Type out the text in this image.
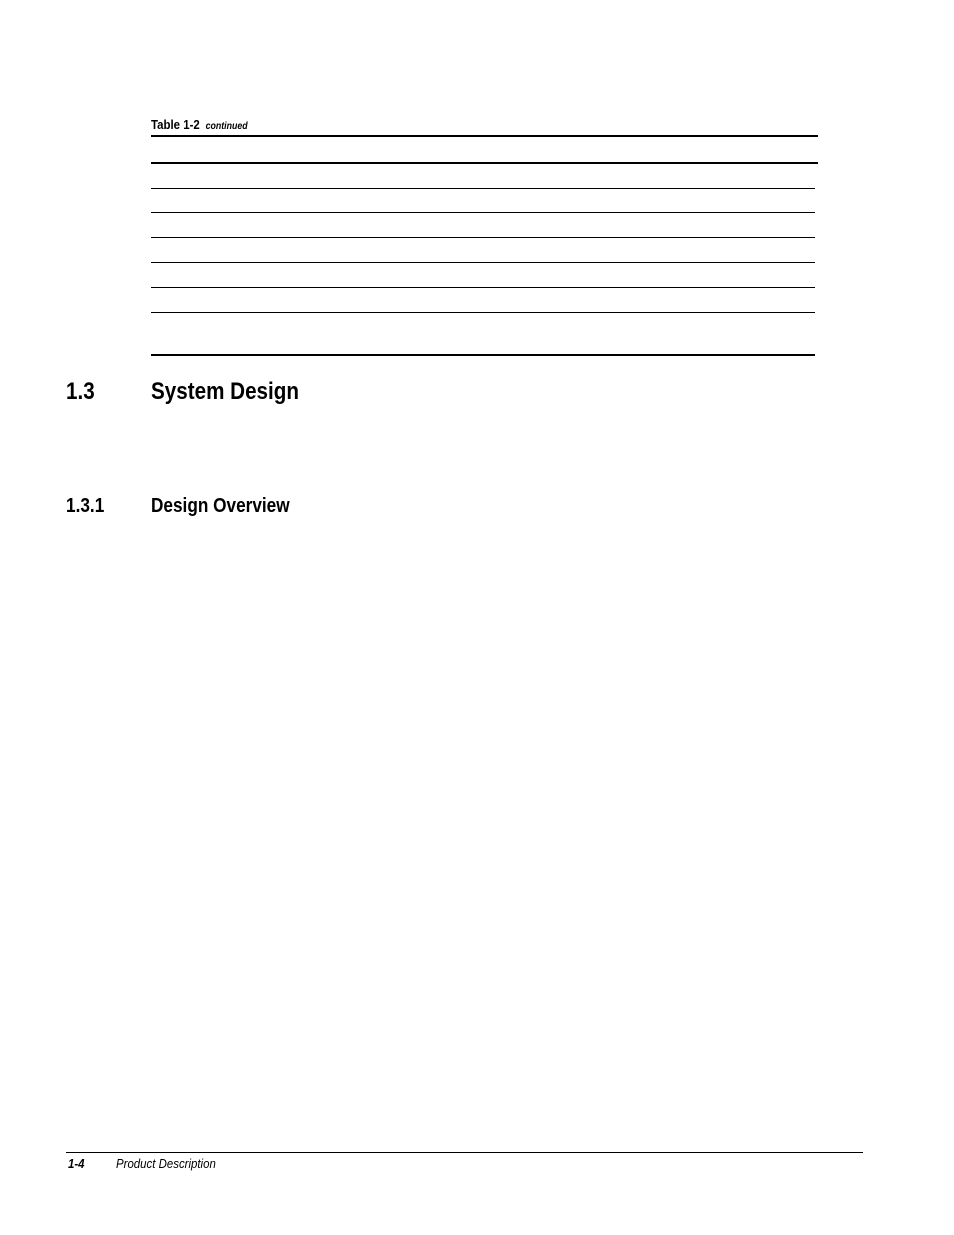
Table 1-2 continued
1.3 System Design
1.3.1 Design Overview
1-4 Product Description
